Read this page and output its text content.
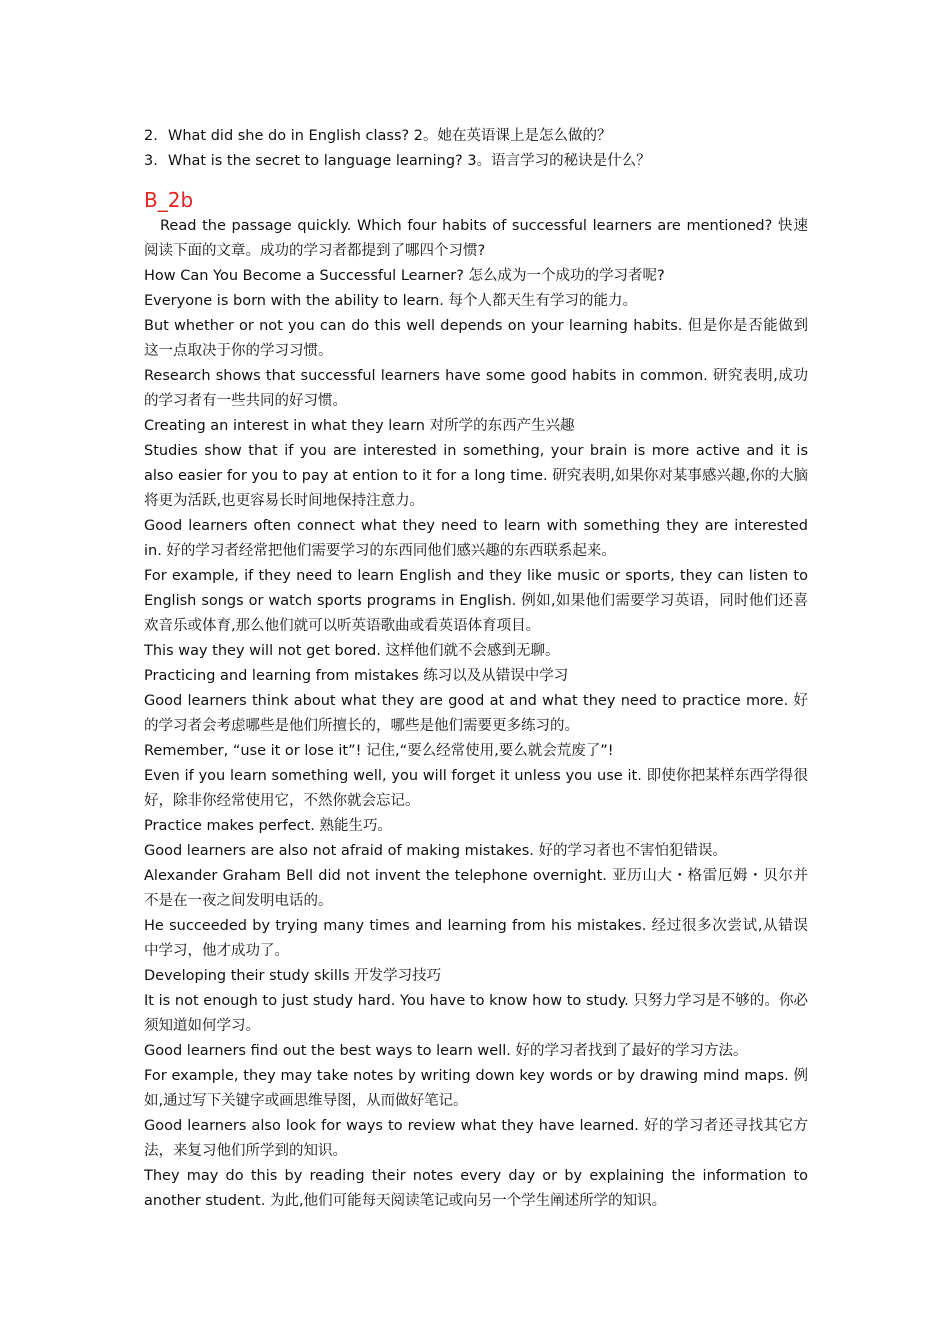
2. What did she do in English class? 2。她在英语课上是怎么做的？
3. What is the secret to language learning? 3。语言学习的秘诀是什么？
B_2b

Read the passage quickly. Which four habits of successful learners are mentioned? 快速阅读下面的文章。成功的学习者都提到了哪四个习惯?

How Can You Become a Successful Learner? 怎么成为一个成功的学习者呢?

Everyone is born with the ability to learn. 每个人都天生有学习的能力。

But whether or not you can do this well depends on your learning habits. 但是你是否能做到这一点取决于你的学习习惯。

Research shows that successful learners have some good habits in common. 研究表明,成功的学习者有一些共同的好习惯。

Creating an interest in what they learn 对所学的东西产生兴趣

Studies show that if you are interested in something, your brain is more active and it is also easier for you to pay at ention to it for a long time. 研究表明,如果你对某事感兴趣,你的大脑将更为活跃,也更容易长时间地保持注意力。

Good learners often connect what they need to learn with something they are interested in. 好的学习者经常把他们需要学习的东西同他们感兴趣的东西联系起来。

For example, if they need to learn English and they like music or sports, they can listen to English songs or watch sports programs in English. 例如,如果他们需要学习英语，同时他们还喜欢音乐或体育,那么他们就可以听英语歌曲或看英语体育项目。

This way they will not get bored. 这样他们就不会感到无聊。

Practicing and learning from mistakes 练习以及从错误中学习

Good learners think about what they are good at and what they need to practice more. 好的学习者会考虑哪些是他们所擅长的，哪些是他们需要更多练习的。

Remember, “use it or lose it”! 记住,“要么经常使用,要么就会荒废了”!

Even if you learn something well, you will forget it unless you use it. 即使你把某样东西学得很好，除非你经常使用它，不然你就会忘记。

Practice makes perfect. 熟能生巧。

Good learners are also not afraid of making mistakes. 好的学习者也不害怕犯错误。

Alexander Graham Bell did not invent the telephone overnight. 亚历山大・格雷厄姆・贝尔并不是在一夜之间发明电话的。

He succeeded by trying many times and learning from his mistakes. 经过很多次尝试,从错误中学习，他才成功了。

Developing their study skills 开发学习技巧

It is not enough to just study hard. You have to know how to study. 只努力学习是不够的。你必须知道如何学习。

Good learners find out the best ways to learn well. 好的学习者找到了最好的学习方法。

For example, they may take notes by writing down key words or by drawing mind maps. 例如,通过写下关键字或画思维导图，从而做好笔记。

Good learners also look for ways to review what they have learned. 好的学习者还寻找其它方法，来复习他们所学到的知识。

They may do this by reading their notes every day or by explaining the information to another student. 为此,他们可能每天阅读笔记或向另一个学生阐述所学的知识。
